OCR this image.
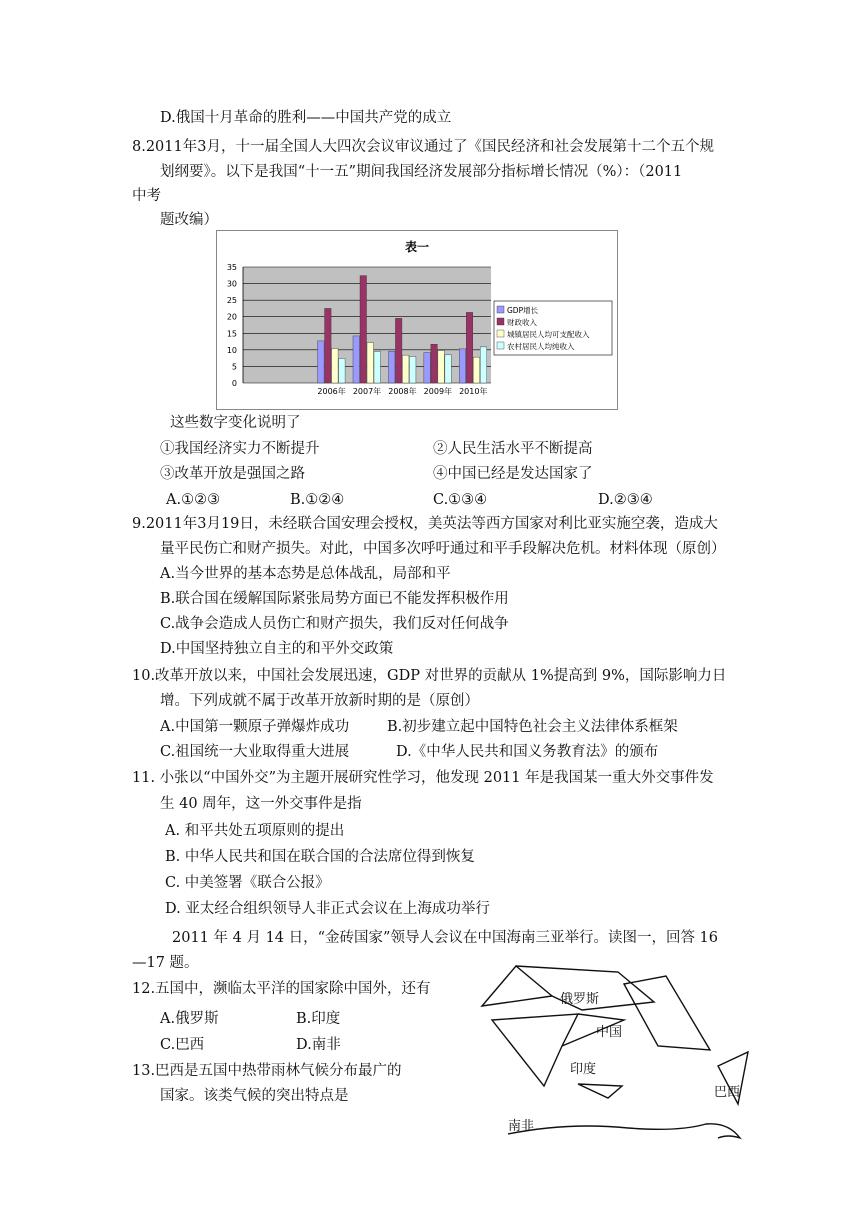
D.俄国十月革命的胜利——中国共产党的成立
8.2011年3月，十一届全国人大四次会议审议通过了《国民经济和社会发展第十二个五个规
划纲要》。以下是我国“十一五”期间我国经济发展部分指标增长情况（%）：（2011
中考
题改编）
表一
0
5
10
15
20
25
30
35
2006年 2007年 2008年 2009年 2010年
GDP增长
财政收入
城镇居民人均可支配收入
农村居民人均纯收入
这些数字变化说明了
①我国经济实力不断提升	②人民生活水平不断提高
③改革开放是强国之路	④中国已经是发达国家了
A.①②③	B.①②④	C.①③④	D.②③④
9.2011年3月19日，未经联合国安理会授权，美英法等西方国家对利比亚实施空袭，造成大
量平民伤亡和财产损失。对此，中国多次呼吁通过和平手段解决危机。材料体现（原创）
A.当今世界的基本态势是总体战乱，局部和平
B.联合国在缓解国际紧张局势方面已不能发挥积极作用
C.战争会造成人员伤亡和财产损失，我们反对任何战争
D.中国坚持独立自主的和平外交政策
10.改革开放以来，中国社会发展迅速，GDP 对世界的贡献从 1%提高到 9%，国际影响力日
增。下列成就不属于改革开放新时期的是（原创）
A.中国第一颗原子弹爆炸成功	B.初步建立起中国特色社会主义法律体系框架
C.祖国统一大业取得重大进展	D.《中华人民共和国义务教育法》的颁布
11. 小张以“中国外交”为主题开展研究性学习，他发现 2011 年是我国某一重大外交事件发
生 40 周年，这一外交事件是指
A. 和平共处五项原则的提出
B. 中华人民共和国在联合国的合法席位得到恢复
C. 中美签署《联合公报》
D. 亚太经合组织领导人非正式会议在上海成功举行
2011 年 4 月 14 日，“金砖国家”领导人会议在中国海南三亚举行。读图一，回答 16
—17 题。
12.五国中，濒临太平洋的国家除中国外，还有
A.俄罗斯	B.印度
C.巴西	D.南非
13.巴西是五国中热带雨林气候分布最广的
国家。该类气候的突出特点是
俄罗斯
中国
印度
巴西
南非
